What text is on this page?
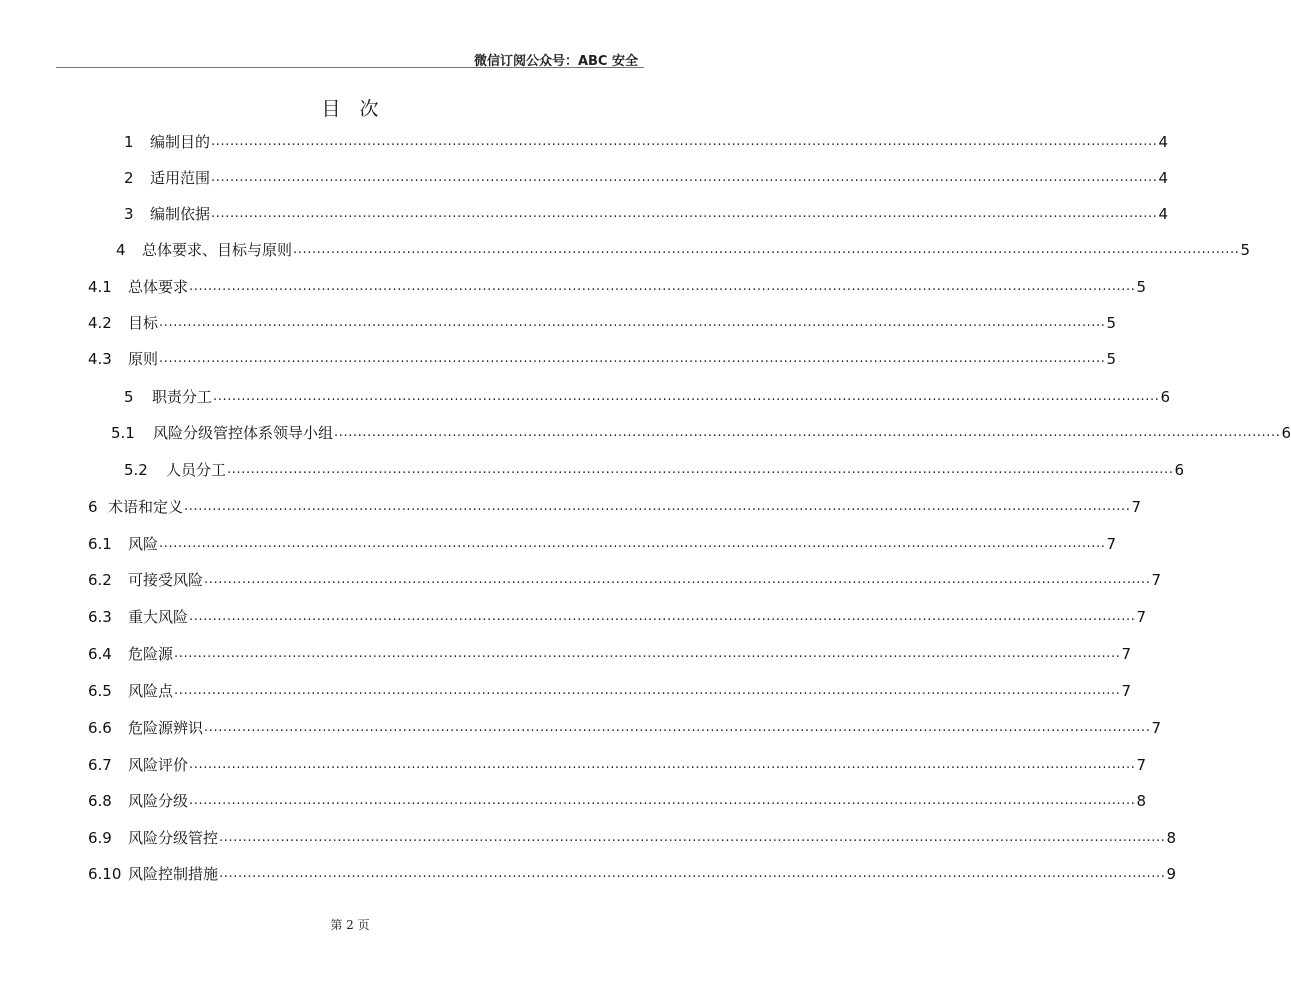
微信订阅公众号：ABC 安全
目　次
1	编制目的 ........................................................................................................................................................................................................ 4
2	适用范围 ........................................................................................................................................................................................................ 4
3	编制依据 ........................................................................................................................................................................................................ 4
4	总体要求、目标与原则 ........................................................................................................................................................................................................ 5
4.1	总体要求 ........................................................................................................................................................................................................ 5
4.2	目标 ........................................................................................................................................................................................................ 5
4.3	原则 ........................................................................................................................................................................................................ 5
5	职责分工 ........................................................................................................................................................................................................ 6
5.1	风险分级管控体系领导小组 ........................................................................................................................................................................................................ 6
5.2	人员分工 ........................................................................................................................................................................................................ 6
6 术语和定义 ........................................................................................................................................................................................................ 7
6.1	风险 ........................................................................................................................................................................................................ 7
6.2	可接受风险 ........................................................................................................................................................................................................ 7
6.3	重大风险 ........................................................................................................................................................................................................ 7
6.4	危险源 ........................................................................................................................................................................................................ 7
6.5	风险点 ........................................................................................................................................................................................................ 7
6.6	危险源辨识 ........................................................................................................................................................................................................ 7
6.7	风险评价 ........................................................................................................................................................................................................ 7
6.8	风险分级 ........................................................................................................................................................................................................ 8
6.9	风险分级管控 ........................................................................................................................................................................................................ 8
6.10 风险控制措施 ........................................................................................................................................................................................................ 9
第 2 页
